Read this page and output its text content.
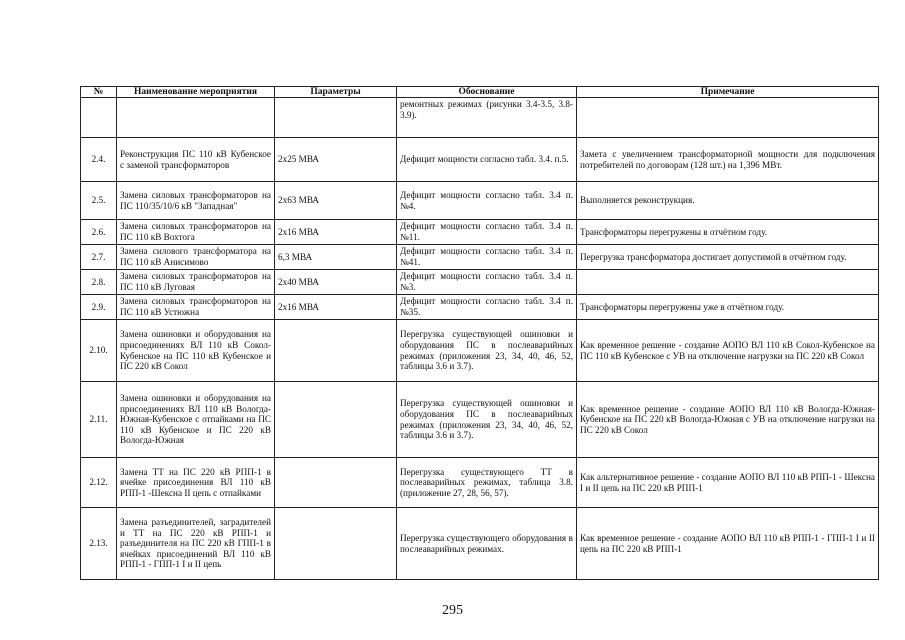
№	Наименование мероприятия	Параметры	Обоснование	Примечание
			ремонтных режимах (рисунки 3.4-3.5, 3.8-3.9).	
2.4.	Реконструкция ПС 110 кВ Кубенское с заменой трансформаторов	2х25 МВА	Дефицит мощности согласно табл. 3.4. п.5.	Замета с увеличением трансформаторной мощности для подключения потребителей по договорам (128 шт.) на 1,396 МВт.
2.5.	Замена силовых трансформаторов на ПС 110/35/10/6 кВ "Западная"	2х63 МВА	Дефицит мощности согласно табл. 3.4 п. №4.	Выполняется реконструкция.
2.6.	Замена силовых трансформаторов на ПС 110 кВ Вохтога	2х16 МВА	Дефицит мощности согласно табл. 3.4 п. №11.	Трансформаторы перегружены в отчётном году.
2.7.	Замена силового трансформатора на ПС 110 кВ Анисимово	6,3 МВА	Дефицит мощности согласно табл. 3.4 п. №41.	Перегрузка трансформатора достигает допустимой в отчётном году.
2.8.	Замена силовых трансформаторов на ПС 110 кВ Луговая	2х40 МВА	Дефицит мощности согласно табл. 3.4 п. №3.	
2.9.	Замена силовых трансформаторов на ПС 110 кВ Устюжна	2х16 МВА	Дефицит мощности согласно табл. 3.4 п. №35.	Трансформаторы перегружены уже в отчётном году.
2.10.	Замена ошиновки и оборудования на присоединениях ВЛ 110 кВ Сокол-Кубенское на ПС 110 кВ Кубенское и ПС 220 кВ Сокол		Перегрузка существующей ошиновки и оборудования ПС в послеаварийных режимах (приложения 23, 34, 40, 46, 52, таблицы 3.6 и 3.7).	Как временное решение - создание АОПО ВЛ 110 кВ Сокол-Кубенское на ПС 110 кВ Кубенское с УВ на отключение нагрузки на ПС 220 кВ Сокол
2.11.	Замена ошиновки и оборудования на присоединениях ВЛ 110 кВ Вологда-Южная-Кубенское с отпайками на ПС 110 кВ Кубенское и ПС 220 кВ Вологда-Южная		Перегрузка существующей ошиновки и оборудования ПС в послеаварийных режимах (приложения 23, 34, 40, 46, 52, таблицы 3.6 и 3.7).	Как временное решение - создание АОПО ВЛ 110 кВ Вологда-Южная-Кубенское на ПС 220 кВ Вологда-Южная с УВ на отключение нагрузки на ПС 220 кВ Сокол
2.12.	Замена ТТ на ПС 220 кВ РПП-1 в ячейке присоединения ВЛ 110 кВ РПП-1 -Шексна II цепь с отпайками		Перегрузка существующего ТТ в послеаварийных режимах, таблица 3.8. (приложение 27, 28, 56, 57).	Как альтернативное решение - создание АОПО ВЛ 110 кВ РПП-1 - Шексна I и II цепь на ПС 220 кВ РПП-1
2.13.	Замена разъединителей, заградителей и ТТ на ПС 220 кВ РПП-1 и разъединителя на ПС 220 кВ ГПП-1 в ячейках присоединений ВЛ 110 кВ РПП-1 - ГПП-1 I и II цепь		Перегрузка существующего оборудования в послеаварийных режимах.	Как временное решение - создание АОПО ВЛ 110 кВ РПП-1 - ГПП-1 I и II цепь на ПС 220 кВ РПП-1
295
